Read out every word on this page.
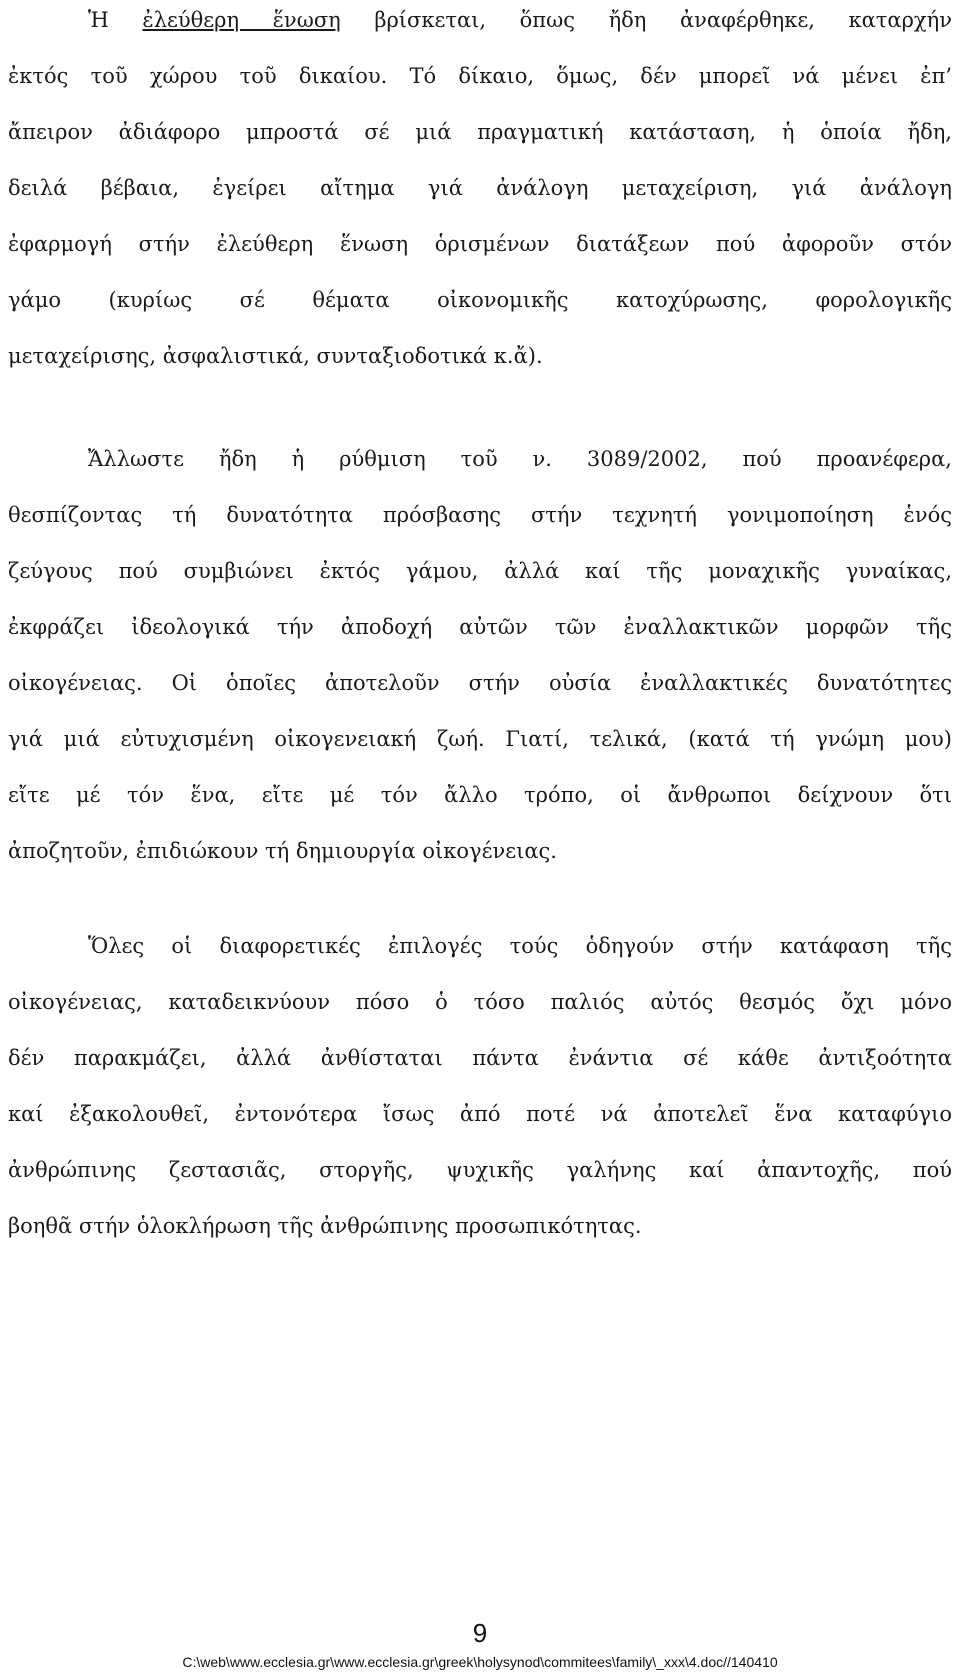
Ἡ ἐλεύθερη ἕνωση βρίσκεται, ὅπως ἤδη ἀναφέρθηκε, καταρχήν
ἐκτός τοῦ χώρου τοῦ δικαίου. Τό δίκαιο, ὅμως, δέν μπορεῖ νά μένει ἐπ’
ἄπειρον ἀδιάφορο μπροστά σέ μιά πραγματική κατάσταση, ἡ ὁποία ἤδη,
δειλά βέβαια, ἐγείρει αἴτημα γιά ἀνάλογη μεταχείριση, γιά ἀνάλογη
ἐφαρμογή στήν ἐλεύθερη ἕνωση ὁρισμένων διατάξεων πού ἀφοροῦν στόν
γάμο (κυρίως σέ θέματα οἰκονομικῆς κατοχύρωσης, φορολογικῆς
μεταχείρισης, ἀσφαλιστικά, συνταξιοδοτικά κ.ἄ).

Ἄλλωστε ἤδη ἡ ρύθμιση τοῦ ν. 3089/2002, πού προανέφερα,
θεσπίζοντας τή δυνατότητα πρόσβασης στήν τεχνητή γονιμοποίηση ἑνός
ζεύγους πού συμβιώνει ἐκτός γάμου, ἀλλά καί τῆς μοναχικῆς γυναίκας,
ἐκφράζει ἰδεολογικά τήν ἀποδοχή αὐτῶν τῶν ἐναλλακτικῶν μορφῶν τῆς
οἰκογένειας. Οἱ ὁποῖες ἀποτελοῦν στήν οὐσία ἐναλλακτικές δυνατότητες
γιά μιά εὐτυχισμένη οἰκογενειακή ζωή. Γιατί, τελικά, (κατά τή γνώμη μου)
εἴτε μέ τόν ἕνα, εἴτε μέ τόν ἄλλο τρόπο, οἱ ἄνθρωποι δείχνουν ὅτι
ἀποζητοῦν, ἐπιδιώκουν τή δημιουργία οἰκογένειας.

Ὅλες οἱ διαφορετικές ἐπιλογές τούς ὁδηγούν στήν κατάφαση τῆς
οἰκογένειας, καταδεικνύουν πόσο ὁ τόσο παλιός αὐτός θεσμός ὄχι μόνο
δέν παρακμάζει, ἀλλά ἀνθίσταται πάντα ἐνάντια σέ κάθε ἀντιξοότητα
καί ἐξακολουθεῖ, ἐντονότερα ἴσως ἀπό ποτέ νά ἀποτελεῖ ἕνα καταφύγιο
ἀνθρώπινης ζεστασιᾶς, στοργῆς, ψυχικῆς γαλήνης καί ἀπαντοχῆς, πού
βοηθᾶ στήν ὁλοκλήρωση τῆς ἀνθρώπινης προσωπικότητας.

9
C:\web\www.ecclesia.gr\www.ecclesia.gr\greek\holysynod\commitees\family\_xxx\4.doc//140410
